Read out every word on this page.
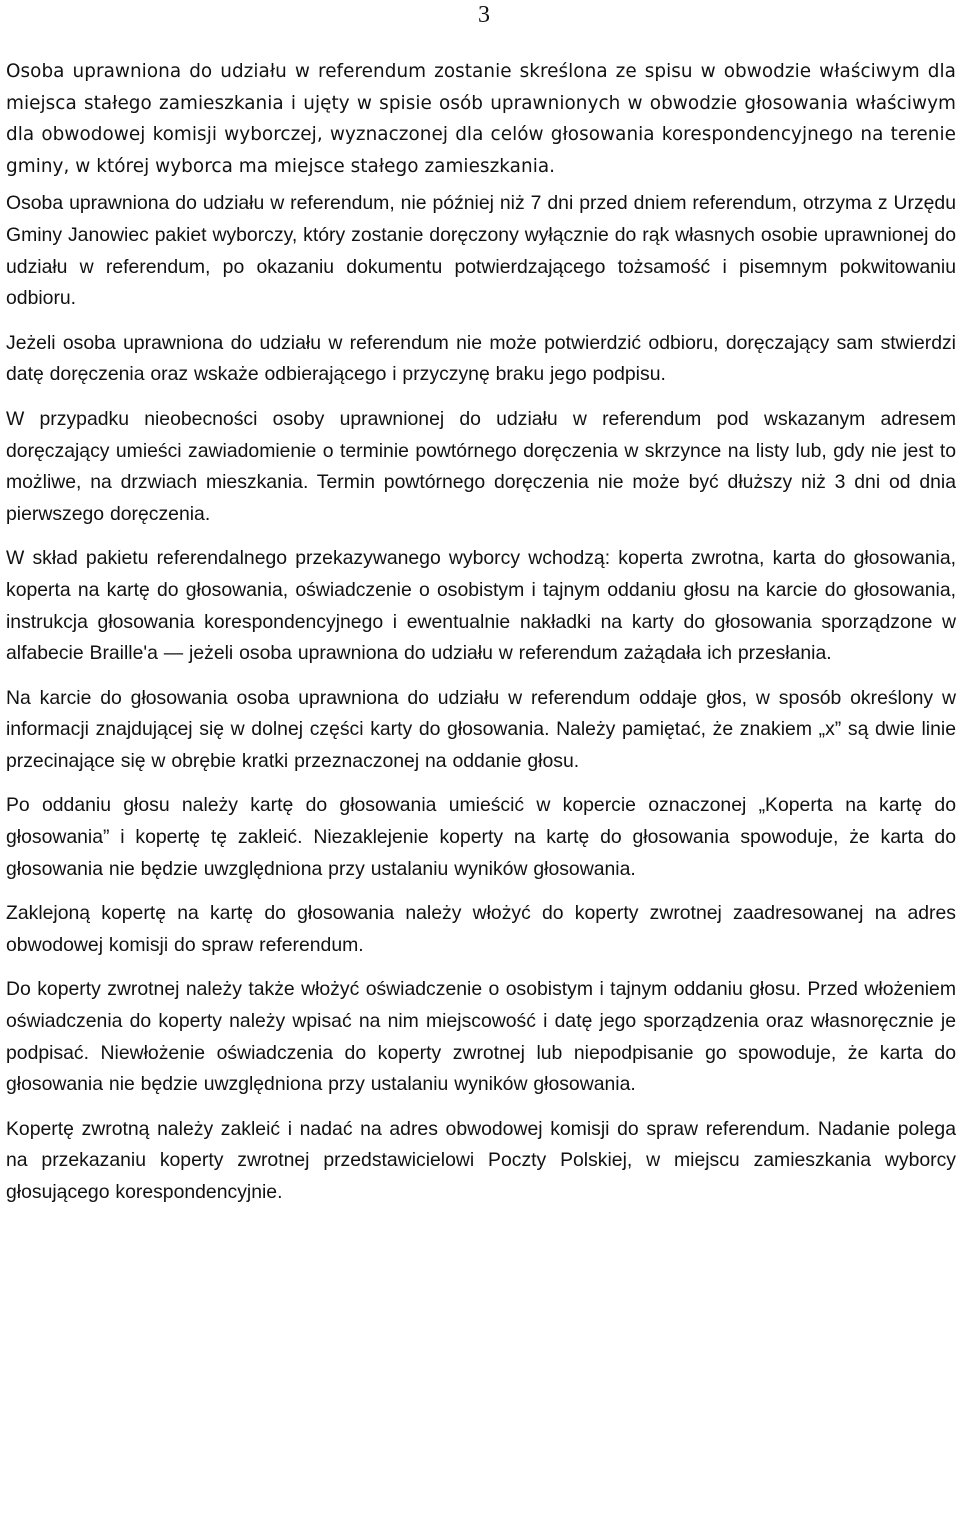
3

Osoba uprawniona do udziału w referendum zostanie skreślona ze spisu w obwodzie właściwym dla miejsca stałego zamieszkania i ujęty w spisie osób uprawnionych w obwodzie głosowania właściwym dla obwodowej komisji wyborczej, wyznaczonej dla celów głosowania korespondencyjnego na terenie gminy, w której wyborca ma miejsce stałego zamieszkania.

Osoba uprawniona do udziału w referendum, nie później niż 7 dni przed dniem referendum, otrzyma z Urzędu Gminy Janowiec pakiet wyborczy, który zostanie doręczony wyłącznie do rąk własnych osobie uprawnionej do udziału w referendum, po okazaniu dokumentu potwierdzającego tożsamość i pisemnym pokwitowaniu odbioru.

Jeżeli osoba uprawniona do udziału w referendum nie może potwierdzić odbioru, doręczający sam stwierdzi datę doręczenia oraz wskaże odbierającego i przyczynę braku jego podpisu.

W przypadku nieobecności osoby uprawnionej do udziału w referendum pod wskazanym adresem doręczający umieści zawiadomienie o terminie powtórnego doręczenia w skrzynce na listy lub, gdy nie jest to możliwe, na drzwiach mieszkania. Termin powtórnego doręczenia nie może być dłuższy niż 3 dni od dnia pierwszego doręczenia.

W skład pakietu referendalnego przekazywanego wyborcy wchodzą: koperta zwrotna, karta do głosowania, koperta na kartę do głosowania, oświadczenie o osobistym i tajnym oddaniu głosu na karcie do głosowania, instrukcja głosowania korespondencyjnego i ewentualnie nakładki na karty do głosowania sporządzone w alfabecie Braille'a — jeżeli osoba uprawniona do udziału w referendum zażądała ich przesłania.

Na karcie do głosowania osoba uprawniona do udziału w referendum oddaje głos, w sposób określony w informacji znajdującej się w dolnej części karty do głosowania. Należy pamiętać, że znakiem „x” są dwie linie przecinające się w obrębie kratki przeznaczonej na oddanie głosu.

Po oddaniu głosu należy kartę do głosowania umieścić w kopercie oznaczonej „Koperta na kartę do głosowania” i kopertę tę zakleić. Niezaklejenie koperty na kartę do głosowania spowoduje, że karta do głosowania nie będzie uwzględniona przy ustalaniu wyników głosowania.

Zaklejoną kopertę na kartę do głosowania należy włożyć do koperty zwrotnej zaadresowanej na adres obwodowej komisji do spraw referendum.

Do koperty zwrotnej należy także włożyć oświadczenie o osobistym i tajnym oddaniu głosu. Przed włożeniem oświadczenia do koperty należy wpisać na nim miejscowość i datę jego sporządzenia oraz własnoręcznie je podpisać. Niewłożenie oświadczenia do koperty zwrotnej lub niepodpisanie go spowoduje, że karta do głosowania nie będzie uwzględniona przy ustalaniu wyników głosowania.

Kopertę zwrotną należy zakleić i nadać na adres obwodowej komisji do spraw referendum. Nadanie polega na przekazaniu koperty zwrotnej przedstawicielowi Poczty Polskiej, w miejscu zamieszkania wyborcy głosującego korespondencyjnie.
